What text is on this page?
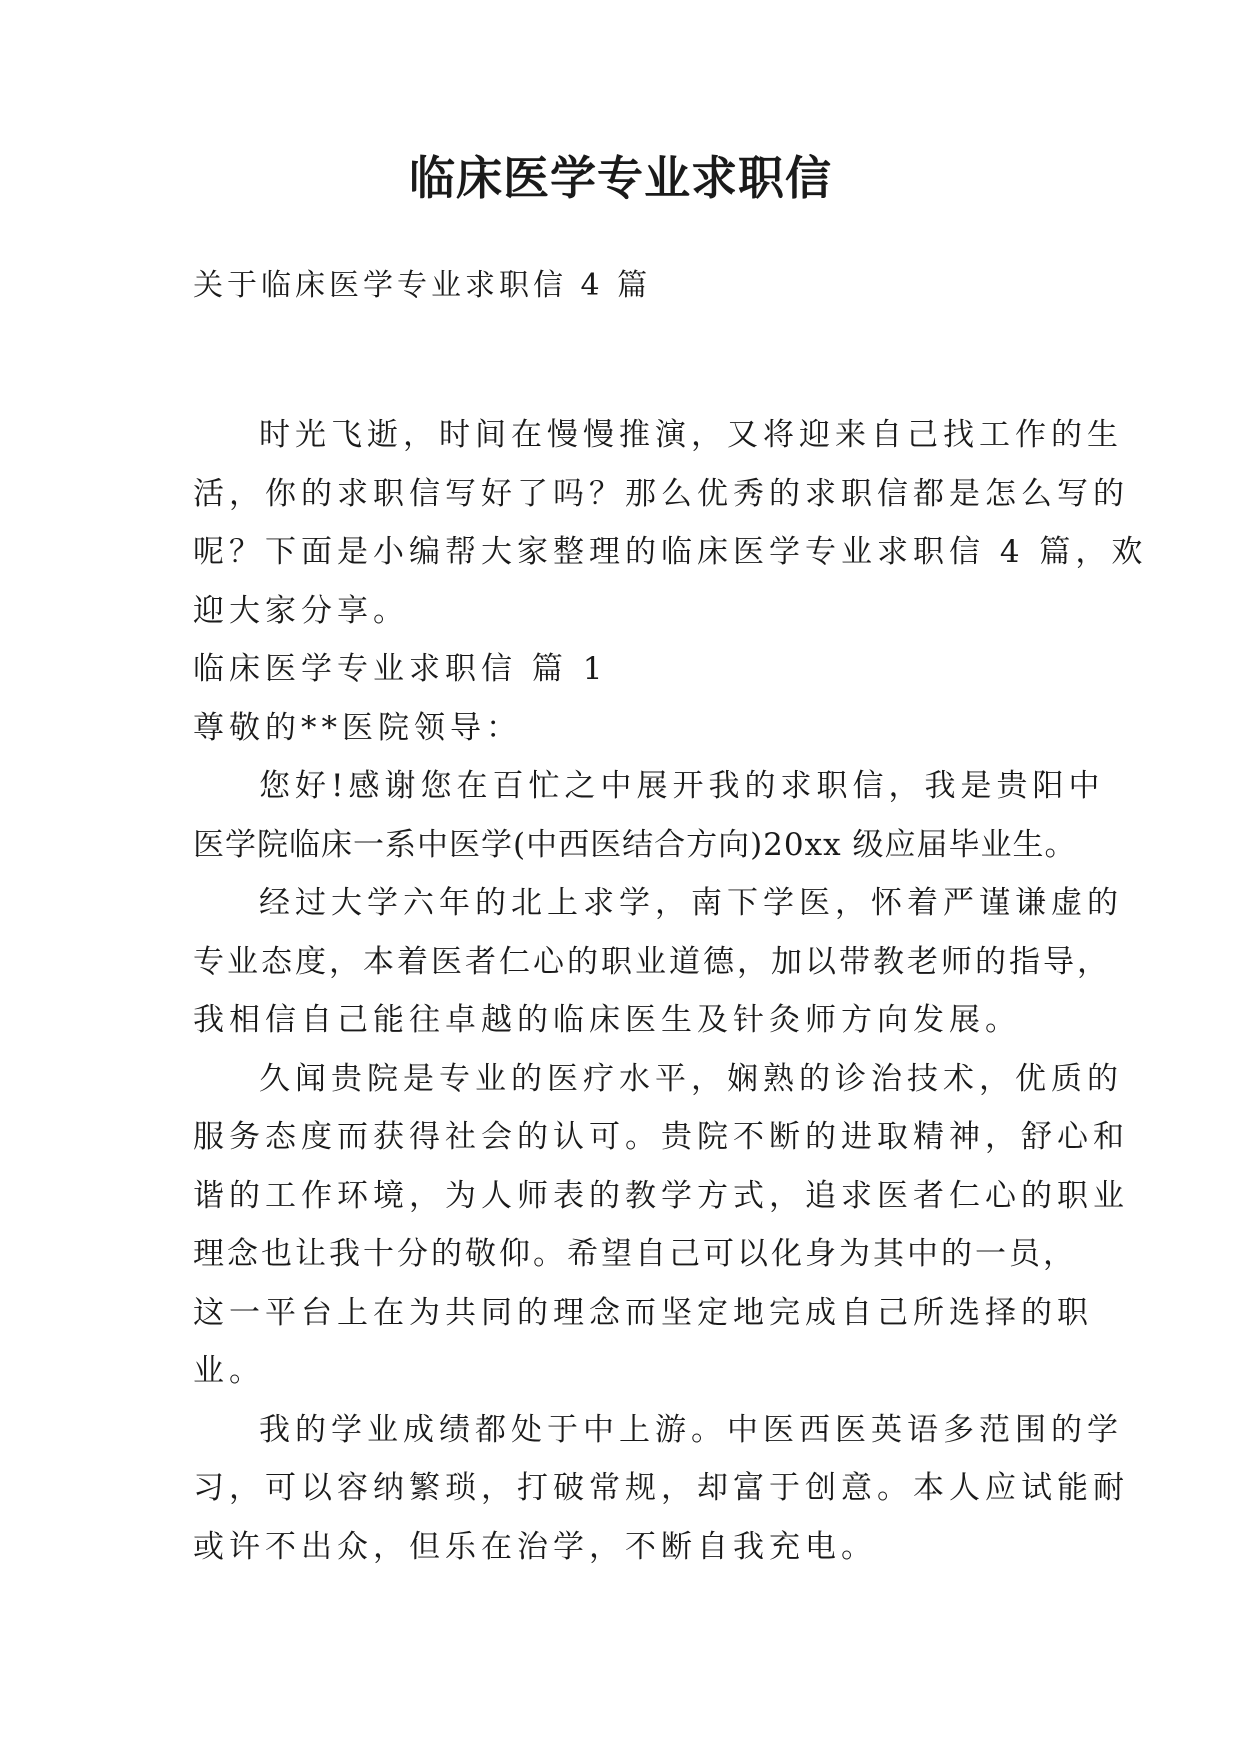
临床医学专业求职信

关于临床医学专业求职信 4 篇

时光飞逝，时间在慢慢推演，又将迎来自己找工作的生

活，你的求职信写好了吗？那么优秀的求职信都是怎么写的

呢？下面是小编帮大家整理的临床医学专业求职信 4 篇，欢

迎大家分享。

临床医学专业求职信 篇 1

尊敬的**医院领导：

您好!感谢您在百忙之中展开我的求职信，我是贵阳中

医学院临床一系中医学(中西医结合方向)20xx 级应届毕业生。

经过大学六年的北上求学，南下学医，怀着严谨谦虚的

专业态度，本着医者仁心的职业道德，加以带教老师的指导，

我相信自己能往卓越的临床医生及针灸师方向发展。

久闻贵院是专业的医疗水平，娴熟的诊治技术，优质的

服务态度而获得社会的认可。贵院不断的进取精神，舒心和

谐的工作环境，为人师表的教学方式，追求医者仁心的职业

理念也让我十分的敬仰。希望自己可以化身为其中的一员，

这一平台上在为共同的理念而坚定地完成自己所选择的职

业。

我的学业成绩都处于中上游。中医西医英语多范围的学

习，可以容纳繁琐，打破常规，却富于创意。本人应试能耐

或许不出众，但乐在治学，不断自我充电。
